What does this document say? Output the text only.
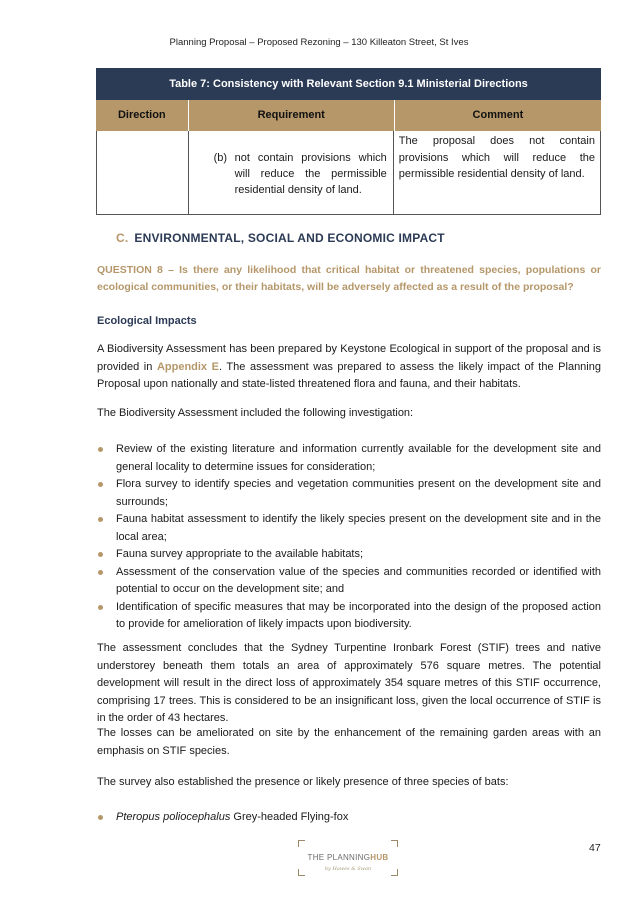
Planning Proposal – Proposed Rezoning – 130 Killeaton Street, St Ives
Table 7: Consistency with Relevant Section 9.1 Ministerial Directions
Direction	Requirement	Comment
(b) not contain provisions which will reduce the permissible residential density of land.
The proposal does not contain provisions which will reduce the permissible residential density of land.
C. ENVIRONMENTAL, SOCIAL AND ECONOMIC IMPACT
QUESTION 8 – Is there any likelihood that critical habitat or threatened species, populations or ecological communities, or their habitats, will be adversely affected as a result of the proposal?
Ecological Impacts
A Biodiversity Assessment has been prepared by Keystone Ecological in support of the proposal and is provided in Appendix E. The assessment was prepared to assess the likely impact of the Planning Proposal upon nationally and state-listed threatened flora and fauna, and their habitats.
The Biodiversity Assessment included the following investigation:
Review of the existing literature and information currently available for the development site and general locality to determine issues for consideration;
Flora survey to identify species and vegetation communities present on the development site and surrounds;
Fauna habitat assessment to identify the likely species present on the development site and in the local area;
Fauna survey appropriate to the available habitats;
Assessment of the conservation value of the species and communities recorded or identified with potential to occur on the development site; and
Identification of specific measures that may be incorporated into the design of the proposed action to provide for amelioration of likely impacts upon biodiversity.
The assessment concludes that the Sydney Turpentine Ironbark Forest (STIF) trees and native understorey beneath them totals an area of approximately 576 square metres. The potential development will result in the direct loss of approximately 354 square metres of this STIF occurrence, comprising 17 trees. This is considered to be an insignificant loss, given the local occurrence of STIF is in the order of 43 hectares.
The losses can be ameliorated on site by the enhancement of the remaining garden areas with an emphasis on STIF species.
The survey also established the presence or likely presence of three species of bats:
Pteropus poliocephalus Grey-headed Flying-fox
THE PLANNINGHUB
by Hawes & Swan
47
